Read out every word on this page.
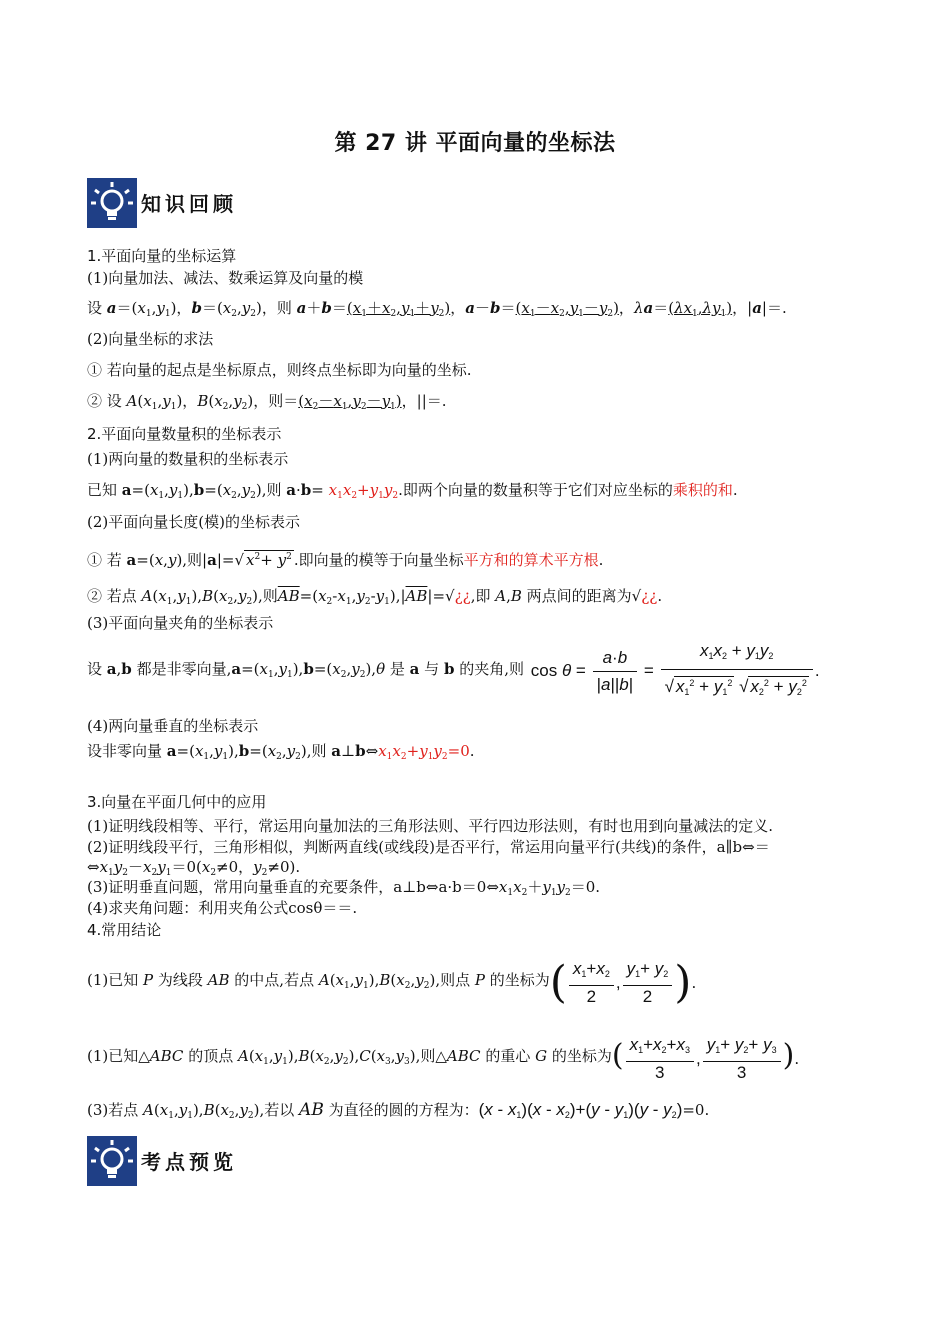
第 27 讲 平面向量的坐标法
知识回顾
1.平面向量的坐标运算
(1)向量加法、减法、数乘运算及向量的模
设 $a=(x_1,y_1)$，$b=(x_2,y_2)$，则 $a+b=(x_1+x_2,y_1+y_2)$，$a-b=(x_1-x_2,y_1-y_2)$，$\lambda a=(\lambda x_1,\lambda y_1)$，|a|＝.
(2)向量坐标的求法
① 若向量的起点是坐标原点，则终点坐标即为向量的坐标.
② 设 $A(x_1,y_1)$，$B(x_2,y_2)$，则$=(x_2-x_1,y_2-y_1)$，||＝.
2.平面向量数量积的坐标表示
(1)两向量的数量积的坐标表示
已知 $a=(x_1,y_1),b=(x_2,y_2)$,则 $a\cdot b= x_1x_2+y_1y_2$.即两个向量的数量积等于它们对应坐标的乘积的和.
(2)平面向量长度(模)的坐标表示
① 若 a=(x,y),则|a|=√ $x^2+ y^2$ .即向量的模等于向量坐标平方和的算术平方根.
② 若点 $A(x_1,y_1),B(x_2,y_2)$,则$\overline{AB}=(x_2-x_1,y_2-y_1),|\overline{AB}|=√¿¿$,即 A,B 两点间的距离为√¿¿.
(3)平面向量夹角的坐标表示
设 a,b 都是非零向量$,a=(x_1,y_1),b=(x_2,y_2),\theta$ 是 a 与 b 的夹角,则 $\cos \theta = \frac{a\cdot b}{|a||b|} = \frac{x_1x_2 + y_1y_2}{√ x_1^2 + y_1^2 √ x_2^2 + y_2^2}$ .
(4)两向量垂直的坐标表示
设非零向量 $a=(x_1,y_1),b=(x_2,y_2)$,则 $a\perp b\Leftrightarrow x_1x_2+y_1y_2=0$.
3.向量在平面几何中的应用
(1)证明线段相等、平行，常运用向量加法的三角形法则、平行四边形法则，有时也用到向量减法的定义.
(2)证明线段平行，三角形相似，判断两直线(或线段)是否平行，常运用向量平行(共线)的条件，a∥b⇔＝
$\Leftrightarrow x_1y_2-x_2y_1=0(x_2\ne 0$，$y_2\ne 0$).
(3)证明垂直问题，常用向量垂直的充要条件，$a\perp b\Leftrightarrow a\cdot b=0\Leftrightarrow x_1x_2+y_1y_2=0$.
(4)求夹角问题：利用夹角公式cosθ＝＝.
4.常用结论
(1)已知 P 为线段 AB 的中点,若点 $A(x_1,y_1),B(x_2,y_2)$,则点 P 的坐标为( $\frac{x_1+x_2}{2}$ , $\frac{y_1+ y_2}{2}$ ).
(1)已知△ABC 的顶点 $A(x_1,y_1),B(x_2,y_2),C(x_3,y_3)$,则△ABC 的重心 G 的坐标为( $\frac{x_1+x_2+x_3}{3}$ , $\frac{y_1+ y_2+ y_3}{3}$ ).
(3)若点 $A(x_1,y_1),B(x_2,y_2)$,若以 AB 为直径的圆的方程为：$(x - x_1)(x - x_2)+(y - y_1)(y - y_2)=0$.
考点预览
